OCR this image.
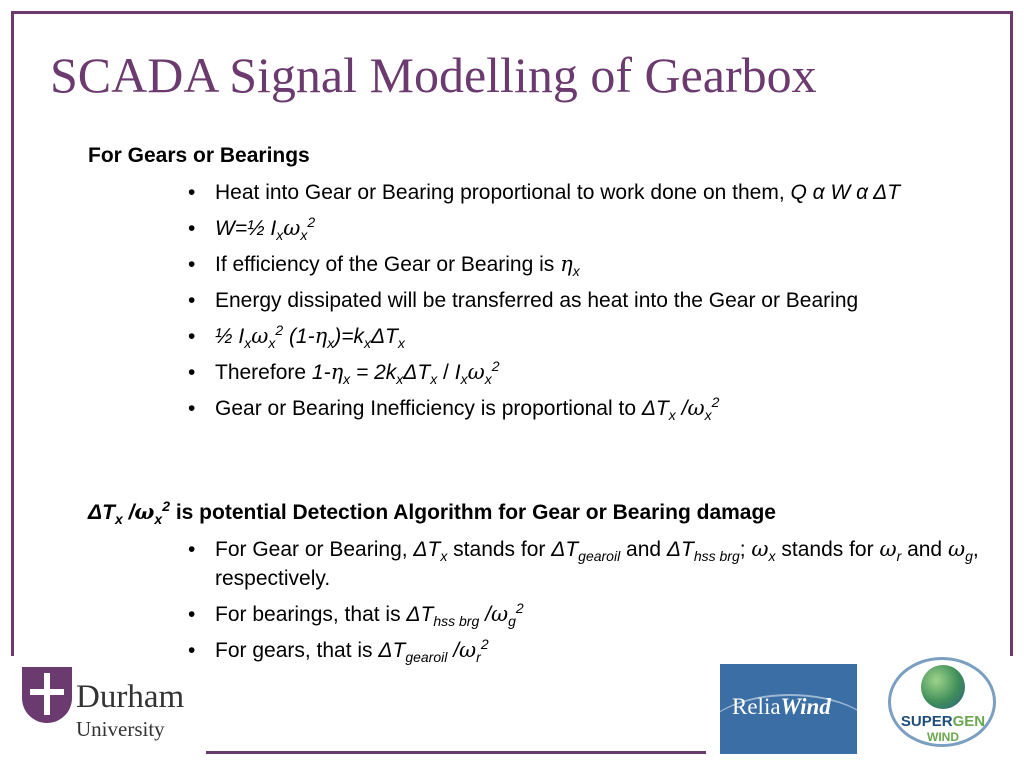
SCADA Signal Modelling of Gearbox
For Gears or Bearings
• Heat into Gear or Bearing proportional to work done on them, Q α W α ΔT
• W=½ $I_x\omega_x^2$
• If efficiency of the Gear or Bearing is $\eta_x$
• Energy dissipated will be transferred as heat into the Gear or Bearing
• ½ $I_x\omega_x^2$ $(1-\eta_x)=k_x\Delta T_x$
• Therefore $1-\eta_x = 2k_x\Delta T_x / I_x\omega_x^2$
• Gear or Bearing Inefficiency is proportional to $\Delta T_x$ $/\omega_x^2$
$\Delta T_x$ $/\omega_x^2$ is potential Detection Algorithm for Gear or Bearing damage
• For Gear or Bearing, $\Delta T_x$ stands for $\Delta T_{gearoil}$ and $\Delta T_{hss brg}$; $\omega_x$ stands for $\omega_r$ and $\omega_g$, respectively.
• For bearings, that is $\Delta T_{hss brg}$ $/\omega_g^2$
• For gears, that is $\Delta T_{gearoil}$ $/\omega_r^2$
Durham
University
ReliaWind
SUPERGEN
WIND
